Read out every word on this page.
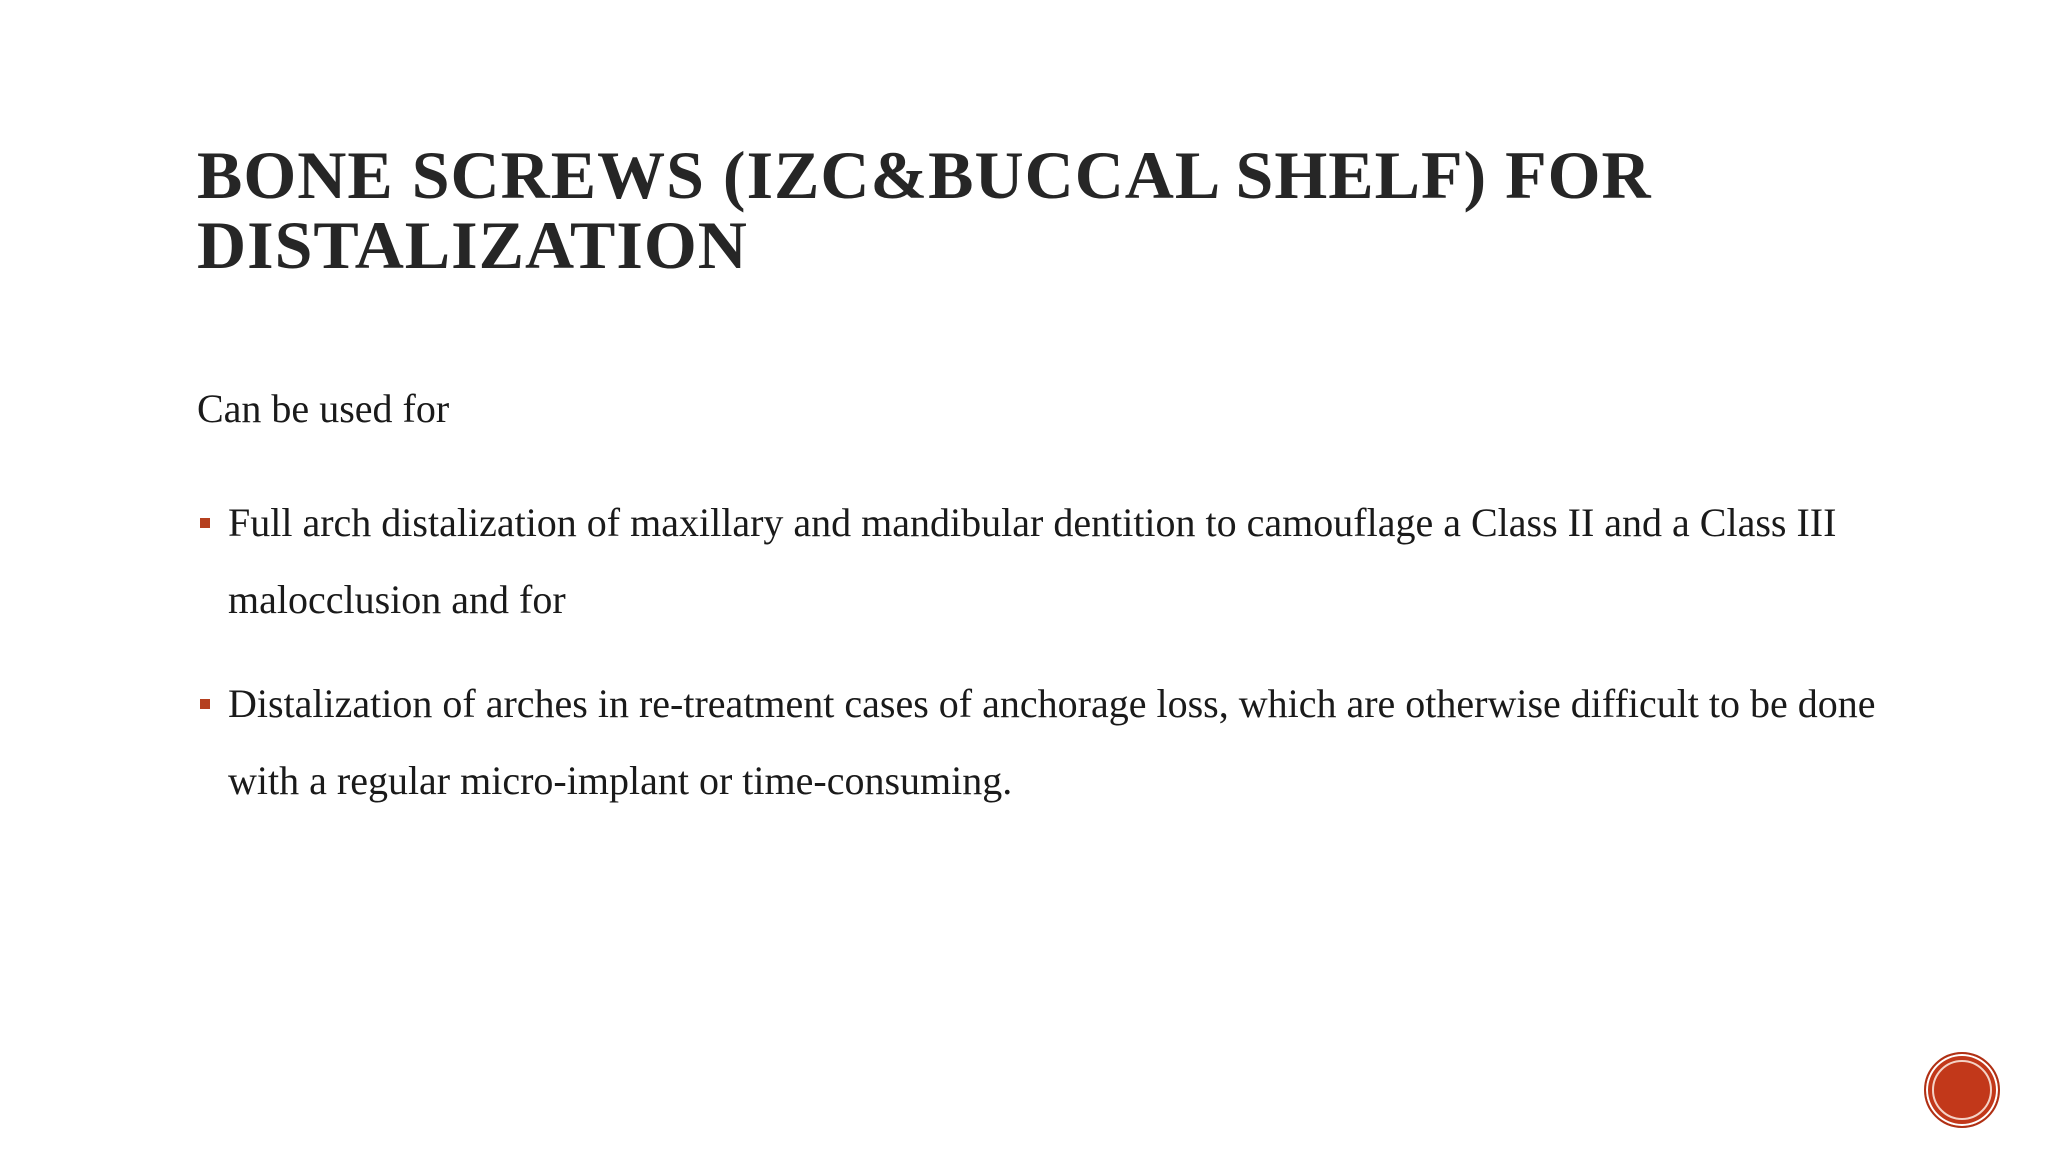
BONE SCREWS (IZC&BUCCAL SHELF) FOR
DISTALIZATION

Can be used for

Full arch distalization of maxillary and mandibular dentition to camouflage a Class II and a Class III malocclusion and for
Distalization of arches in re-treatment cases of anchorage loss, which are otherwise difficult to be done with a regular micro-implant or time-consuming.
